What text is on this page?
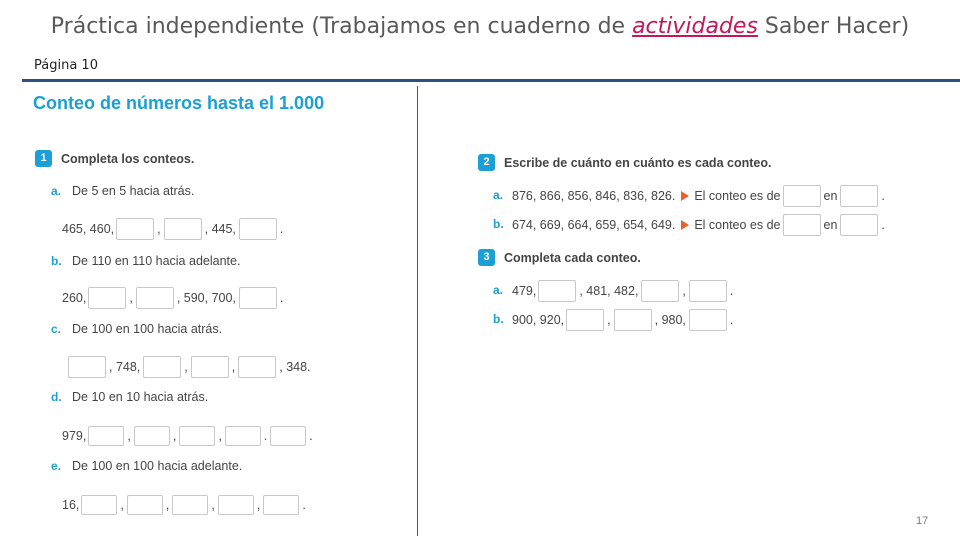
Práctica independiente (Trabajamos en cuaderno de actividades Saber Hacer)
Página 10
Conteo de números hasta el 1.000
1	Completa los conteos.
a. De 5 en 5 hacia atrás.
465, 460,	,	, 445,	.
b. De 110 en 110 hacia adelante.
260,	,	, 590, 700,	.
c. De 100 en 100 hacia atrás.
, 748,	,	,	, 348.
d. De 10 en 10 hacia atrás.
979,	,	,	,	.	.
e. De 100 en 100 hacia adelante.
16,	,	,	,	,	.
2	Escribe de cuánto en cuánto es cada conteo.
a. 876, 866, 856, 846, 836, 826. El conteo es de	en	.
b. 674, 669, 664, 659, 654, 649. El conteo es de	en	.
3	Completa cada conteo.
a. 479,	, 481, 482,	,	.
b. 900, 920,	,	, 980,	.
17
